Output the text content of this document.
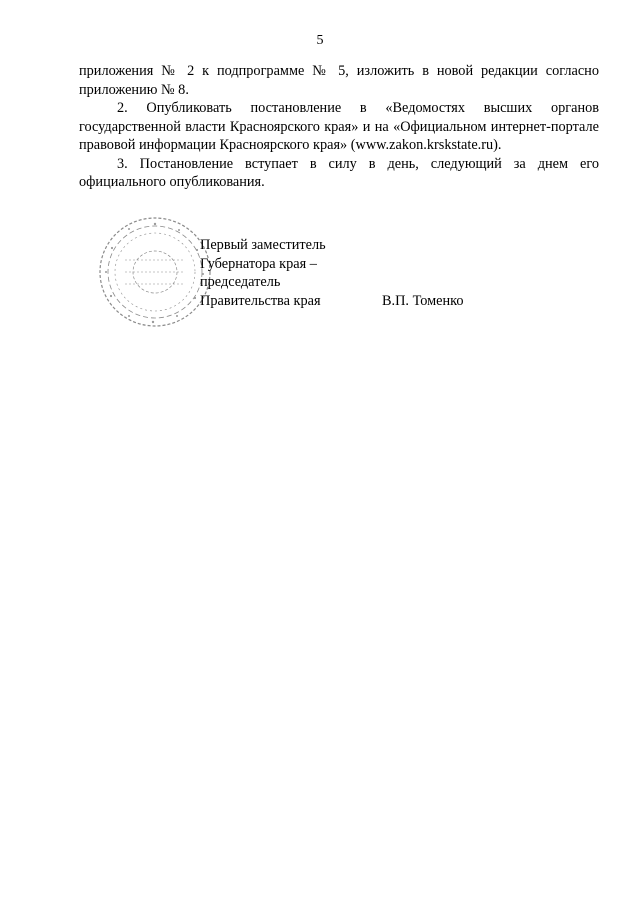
5

приложения № 2 к подпрограмме № 5, изложить в новой редакции согласно приложению № 8.

2. Опубликовать постановление в «Ведомостях высших органов государственной власти Красноярского края» и на «Официальном интернет-портале правовой информации Красноярского края» (www.zakon.krskstate.ru).

3. Постановление вступает в силу в день, следующий за днем его официального опубликования.

Первый заместитель
Губернатора края –
председатель
Правительства края	В.П. Томенко
